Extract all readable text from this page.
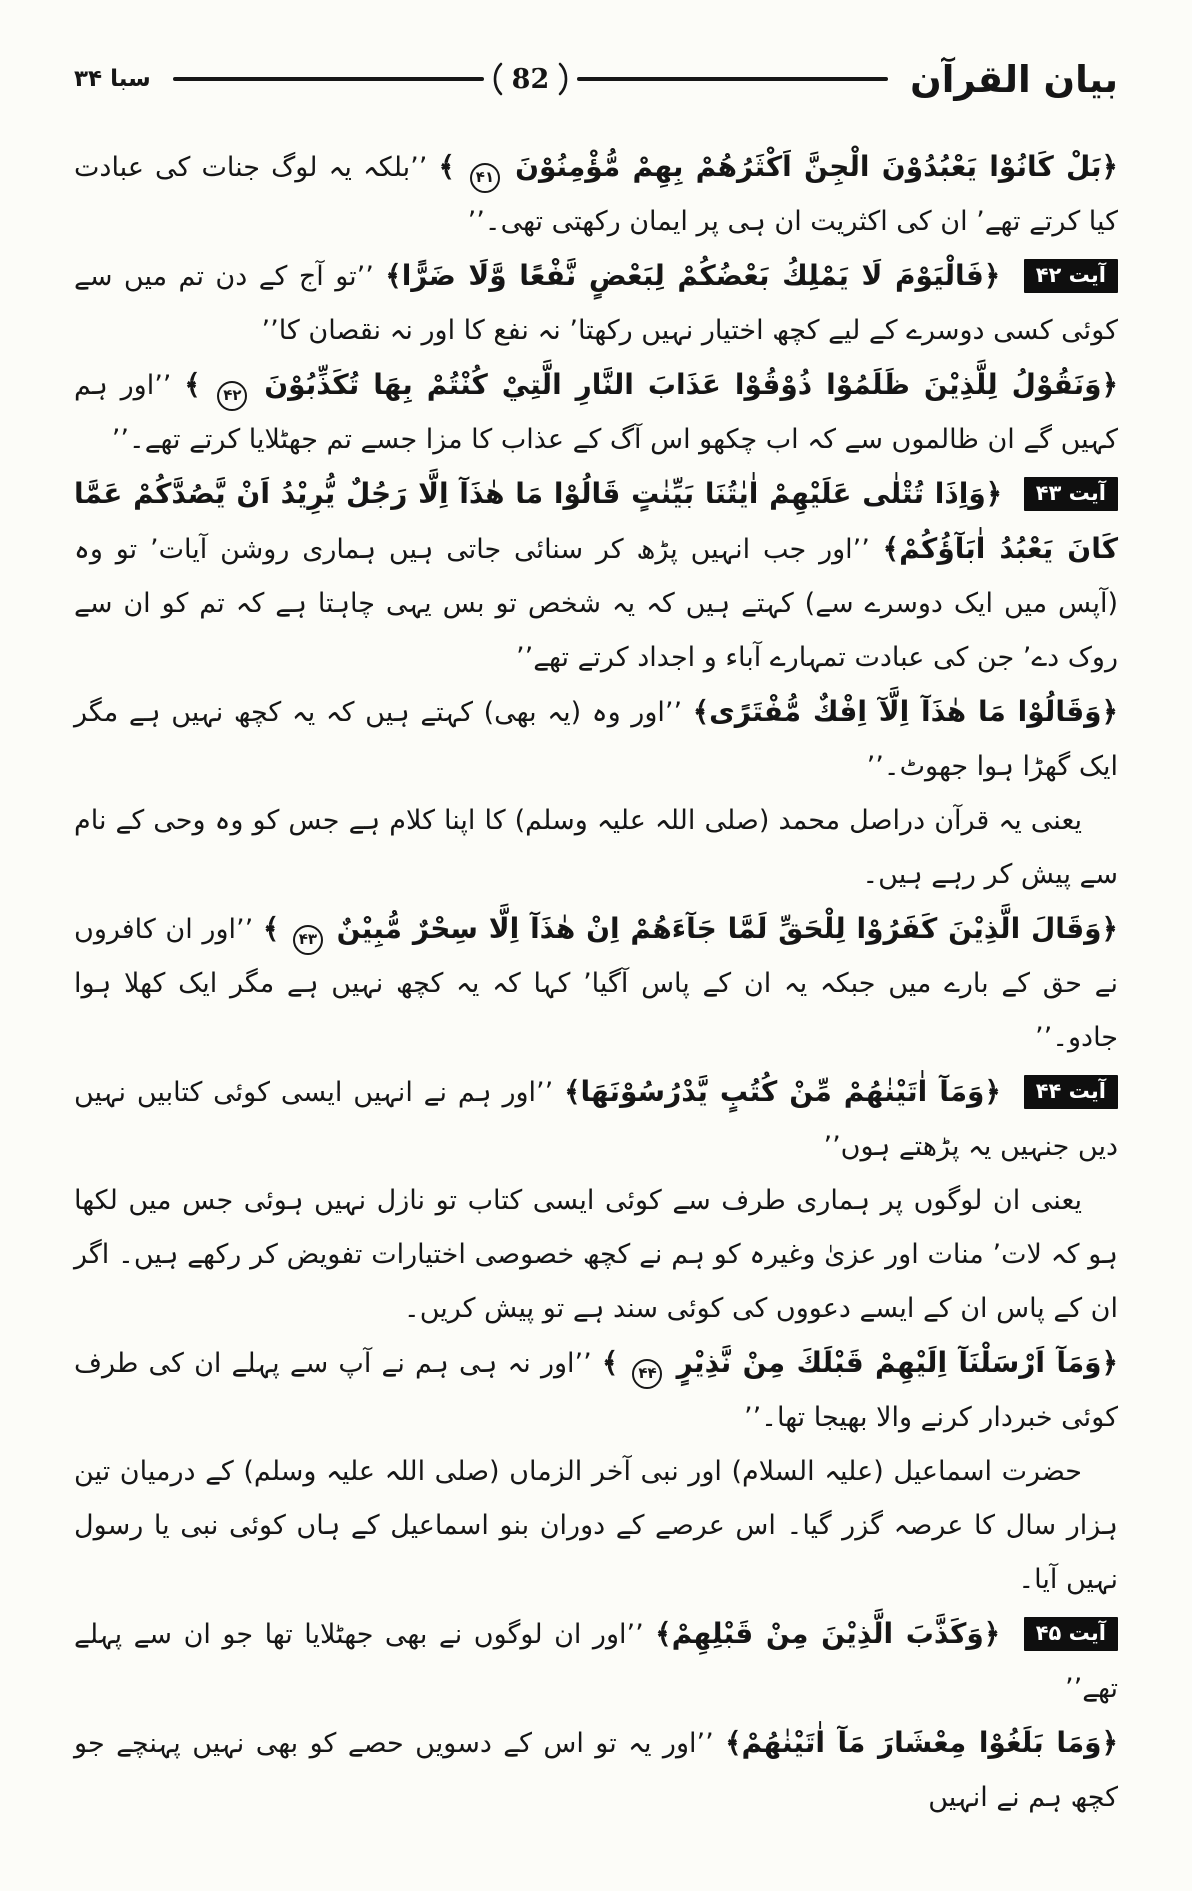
بيان القرآن
82
سبا ۳۴

﴿بَلْ كَانُوْا يَعْبُدُوْنَ الْجِنَّ اَكْثَرُهُمْ بِهِمْ مُّؤْمِنُوْنَ ۴۱ ﴾ ’’بلکہ یہ لوگ جنات کی عبادت کیا کرتے تھے’ ان کی اکثریت ان ہی پر ایمان رکھتی تھی۔’’

آیت ۴۲ ﴿فَالْيَوْمَ لَا يَمْلِكُ بَعْضُكُمْ لِبَعْضٍ نَّفْعًا وَّلَا ضَرًّا﴾ ’’تو آج کے دن تم میں سے کوئی کسی دوسرے کے لیے کچھ اختیار نہیں رکھتا’ نہ نفع کا اور نہ نقصان کا’’

﴿وَنَقُوْلُ لِلَّذِيْنَ ظَلَمُوْا ذُوْقُوْا عَذَابَ النَّارِ الَّتِيْ كُنْتُمْ بِهَا تُكَذِّبُوْنَ ۴۲ ﴾ ’’اور ہم کہیں گے ان ظالموں سے کہ اب چکھو اس آگ کے عذاب کا مزا جسے تم جھٹلایا کرتے تھے۔’’

آیت ۴۳ ﴿وَاِذَا تُتْلٰى عَلَيْهِمْ اٰيٰتُنَا بَيِّنٰتٍ قَالُوْا مَا هٰذَآ اِلَّا رَجُلٌ يُّرِيْدُ اَنْ يَّصُدَّكُمْ عَمَّا كَانَ يَعْبُدُ اٰبَآؤُكُمْ﴾ ’’اور جب انہیں پڑھ کر سنائی جاتی ہیں ہماری روشن آیات’ تو وہ (آپس میں ایک دوسرے سے) کہتے ہیں کہ یہ شخص تو بس یہی چاہتا ہے کہ تم کو ان سے روک دے’ جن کی عبادت تمہارے آباء و اجداد کرتے تھے’’

﴿وَقَالُوْا مَا هٰذَآ اِلَّآ اِفْكٌ مُّفْتَرًى﴾ ’’اور وہ (یہ بھی) کہتے ہیں کہ یہ کچھ نہیں ہے مگر ایک گھڑا ہوا جھوٹ۔’’

یعنی یہ قرآن دراصل محمد (صلی اللہ علیہ وسلم) کا اپنا کلام ہے جس کو وہ وحی کے نام سے پیش کر رہے ہیں۔

﴿وَقَالَ الَّذِيْنَ كَفَرُوْا لِلْحَقِّ لَمَّا جَآءَهُمْ اِنْ هٰذَآ اِلَّا سِحْرٌ مُّبِيْنٌ ۴۳ ﴾ ’’اور ان کافروں نے حق کے بارے میں جبکہ یہ ان کے پاس آگیا’ کہا کہ یہ کچھ نہیں ہے مگر ایک کھلا ہوا جادو۔’’

آیت ۴۴ ﴿وَمَآ اٰتَيْنٰهُمْ مِّنْ كُتُبٍ يَّدْرُسُوْنَهَا﴾ ’’اور ہم نے انہیں ایسی کوئی کتابیں نہیں دیں جنہیں یہ پڑھتے ہوں’’

یعنی ان لوگوں پر ہماری طرف سے کوئی ایسی کتاب تو نازل نہیں ہوئی جس میں لکھا ہو کہ لات’ منات اور عزیٰ وغیرہ کو ہم نے کچھ خصوصی اختیارات تفویض کر رکھے ہیں۔ اگر ان کے پاس ان کے ایسے دعووں کی کوئی سند ہے تو پیش کریں۔

﴿وَمَآ اَرْسَلْنَآ اِلَيْهِمْ قَبْلَكَ مِنْ نَّذِيْرٍ ۴۴ ﴾ ’’اور نہ ہی ہم نے آپ سے پہلے ان کی طرف کوئی خبردار کرنے والا بھیجا تھا۔’’

حضرت اسماعیل (علیہ السلام) اور نبی آخر الزماں (صلی اللہ علیہ وسلم) کے درمیان تین ہزار سال کا عرصہ گزر گیا۔ اس عرصے کے دوران بنو اسماعیل کے ہاں کوئی نبی یا رسول نہیں آیا۔

آیت ۴۵ ﴿وَكَذَّبَ الَّذِيْنَ مِنْ قَبْلِهِمْ﴾ ’’اور ان لوگوں نے بھی جھٹلایا تھا جو ان سے پہلے تھے’’

﴿وَمَا بَلَغُوْا مِعْشَارَ مَآ اٰتَيْنٰهُمْ﴾ ’’اور یہ تو اس کے دسویں حصے کو بھی نہیں پہنچے جو کچھ ہم نے انہیں
